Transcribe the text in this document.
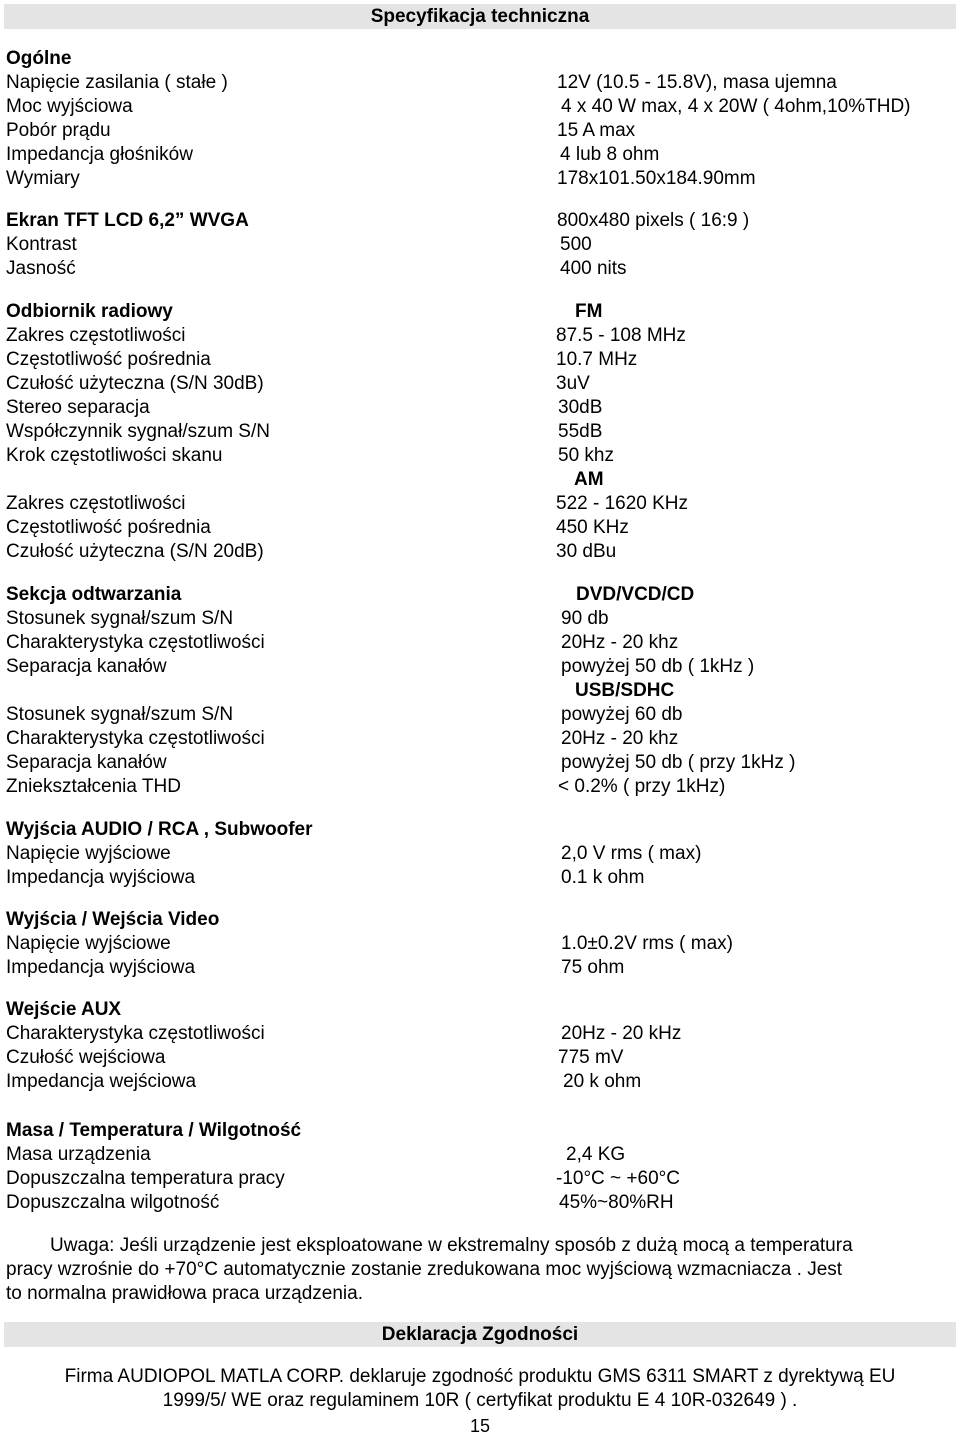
Specyfikacja techniczna
Ogólne
Napięcie zasilania ( stałe )	12V (10.5 - 15.8V), masa ujemna
Moc wyjściowa	4 x 40 W max, 4 x 20W ( 4ohm,10%THD)
Pobór prądu	15 A max
Impedancja głośników	4 lub 8 ohm
Wymiary	178x101.50x184.90mm
Ekran TFT LCD 6,2” WVGA	800x480 pixels ( 16:9 )
Kontrast	500
Jasność	400 nits
Odbiornik radiowy	FM
Zakres częstotliwości	87.5 - 108 MHz
Częstotliwość pośrednia	10.7 MHz
Czułość użyteczna (S/N 30dB)	3uV
Stereo separacja	30dB
Współczynnik sygnał/szum S/N	55dB
Krok częstotliwości skanu	50 khz
AM
Zakres częstotliwości	522 - 1620 KHz
Częstotliwość pośrednia	450 KHz
Czułość użyteczna (S/N 20dB)	30 dBu
Sekcja odtwarzania	DVD/VCD/CD
Stosunek sygnał/szum S/N	90 db
Charakterystyka częstotliwości	20Hz - 20 khz
Separacja kanałów	powyżej 50 db ( 1kHz )
USB/SDHC
Stosunek sygnał/szum S/N	powyżej 60 db
Charakterystyka częstotliwości	20Hz - 20 khz
Separacja kanałów	powyżej 50 db ( przy 1kHz )
Zniekształcenia THD	< 0.2% ( przy 1kHz)
Wyjścia AUDIO / RCA , Subwoofer
Napięcie wyjściowe	2,0 V rms ( max)
Impedancja wyjściowa	0.1 k ohm
Wyjścia / Wejścia Video
Napięcie wyjściowe	1.0±0.2V rms ( max)
Impedancja wyjściowa	75 ohm
Wejście AUX
Charakterystyka częstotliwości	20Hz - 20 kHz
Czułość wejściowa	775 mV
Impedancja wejściowa	20 k ohm
Masa / Temperatura / Wilgotność
Masa urządzenia	2,4 KG
Dopuszczalna temperatura pracy	-10°C ~ +60°C
Dopuszczalna wilgotność	45%~80%RH
Uwaga: Jeśli urządzenie jest eksploatowane w ekstremalny sposób z dużą mocą a temperatura
pracy wzrośnie do +70°C automatycznie zostanie zredukowana moc wyjściową wzmacniacza . Jest
to normalna prawidłowa praca urządzenia.
Deklaracja Zgodności
Firma AUDIOPOL MATLA CORP. deklaruje zgodność produktu GMS 6311 SMART z dyrektywą EU
1999/5/ WE oraz regulaminem 10R ( certyfikat produktu E 4 10R-032649 ) .
15
